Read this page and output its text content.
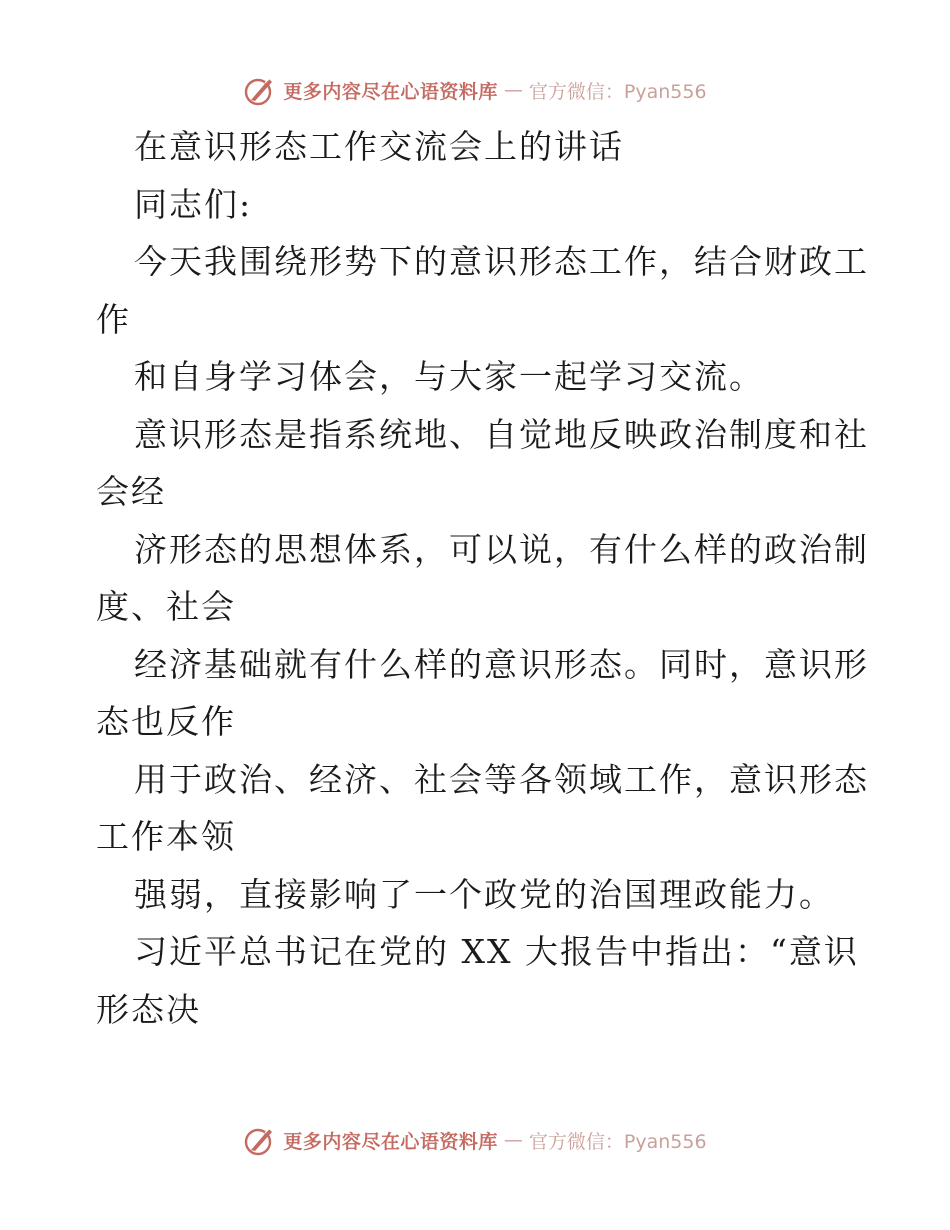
更多内容尽在心语资料库 — 官方微信：Pyan556
在意识形态工作交流会上的讲话
同志们:
今天我围绕形势下的意识形态工作，结合财政工
作
和自身学习体会，与大家一起学习交流。
意识形态是指系统地、自觉地反映政治制度和社
会经
济形态的思想体系，可以说，有什么样的政治制
度、社会
经济基础就有什么样的意识形态。同时，意识形
态也反作
用于政治、经济、社会等各领域工作，意识形态
工作本领
强弱，直接影响了一个政党的治国理政能力。
习近平总书记在党的 XX 大报告中指出：“意识
形态决
更多内容尽在心语资料库 — 官方微信：Pyan556
